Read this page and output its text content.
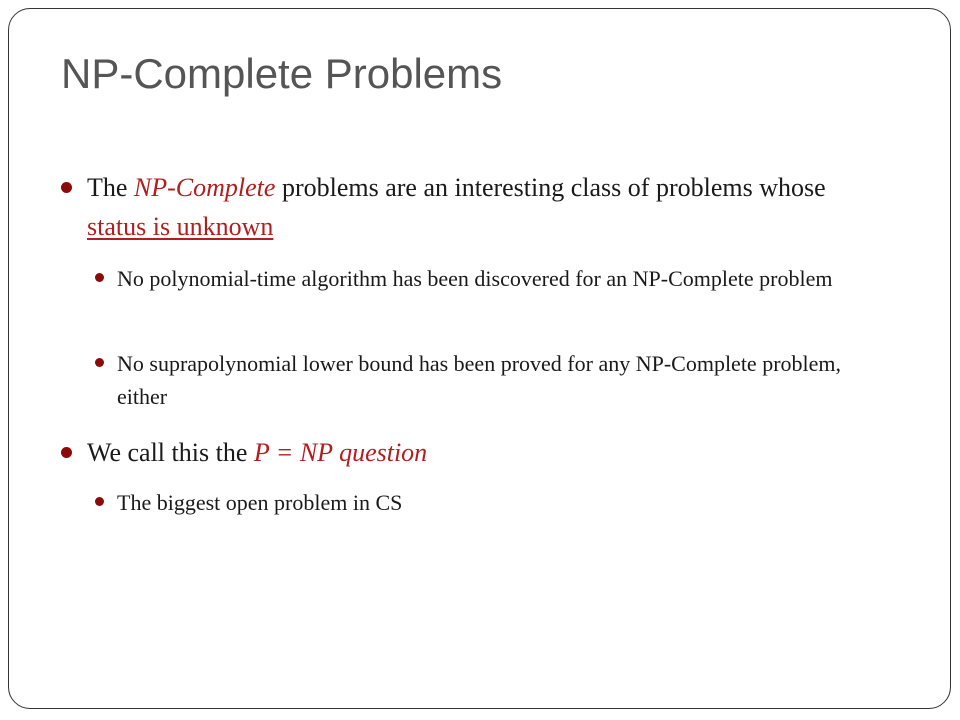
NP-Complete Problems
The NP-Complete problems are an interesting class of problems whose status is unknown
No polynomial-time algorithm has been discovered for an NP-Complete problem
No suprapolynomial lower bound has been proved for any NP-Complete problem, either
We call this the P = NP question
The biggest open problem in CS
